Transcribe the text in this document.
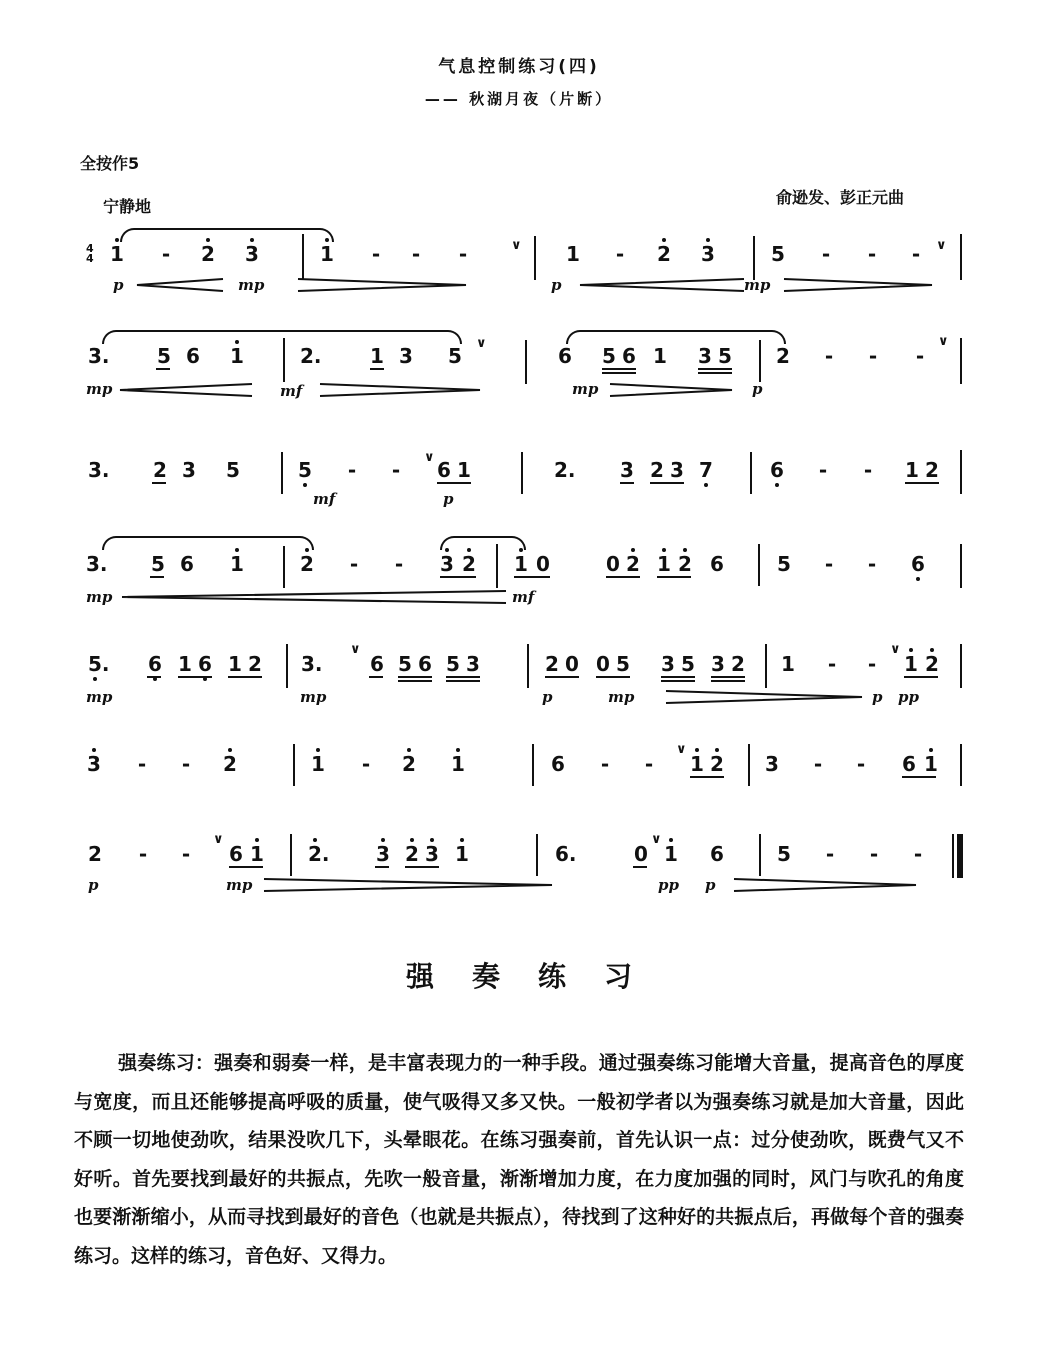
气息控制练习(四)
—— 秋湖月夜（片断）
全按作5
宁静地	俞逊发、彭正元曲
4
4 1 - 2 3	1 - - -	∨ 1 - 2 3	5 - - - ∨
p	mp	p	mp
3. 5 6 1	2. 1 3 5
∨
6 5 6 1 3 5 2 - - -
∨
mp	mf	mp	p
3. 2 3 5	5 - -
∨
6 1	2. 3 2 3 7	6 - - 1 2
mf	p
3. 5 6 1	2 - - 3 2 1 0	0 2 1 2 6	5 - - 6
mp	mf
5
. 6 1 6 1 2 3.
∨
6 5 6 5 3	2 0 0 5 3 5 3 2 1 - -
∨
1 2
mp	mp	p	mp	p pp
3 - - 2	1 - 2 1	6 - -
∨
1 2 3 - - 6 1
2 - -
∨
6 1 2. 3 2 3 1	6.	0
∨
1 6	5 - - -
p	mp	pp p
强奏练习
强奏练习：强奏和弱奏一样，是丰富表现力的一种手段。通过强奏练习能增大音量，提高音色的厚度与宽度，而且还能够提高呼吸的质量，使气吸得又多又快。一般初学者以为强奏练习就是加大音量，因此不顾一切地使劲吹，结果没吹几下，头晕眼花。在练习强奏前，首先认识一点：过分使劲吹，既费气又不好听。首先要找到最好的共振点，先吹一般音量，渐渐增加力度，在力度加强的同时，风门与吹孔的角度也要渐渐缩小，从而寻找到最好的音色（也就是共振点），待找到了这种好的共振点后，再做每个音的强奏练习。这样的练习，音色好、又得力。
